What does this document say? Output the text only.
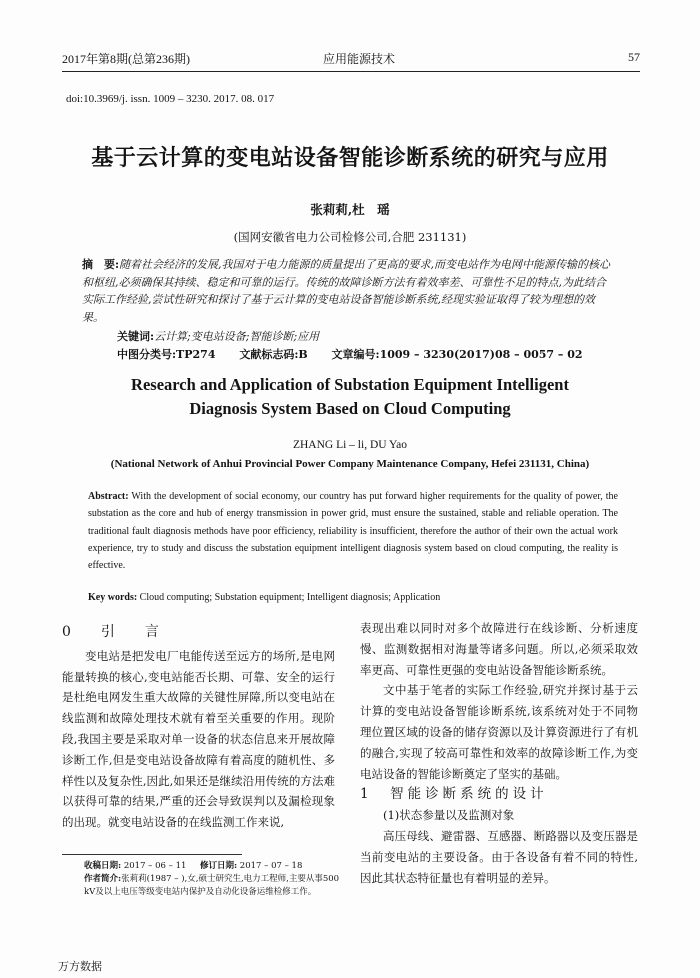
2017年第8期(总第236期)	应用能源技术	57
doi:10.3969/j. issn. 1009 – 3230. 2017. 08. 017
基于云计算的变电站设备智能诊断系统的研究与应用
张莉莉,杜　瑶
(国网安徽省电力公司检修公司,合肥 231131)
摘　要:随着社会经济的发展,我国对于电力能源的质量提出了更高的要求,而变电站作为电网中能源传输的核心和枢纽,必须确保其持续、稳定和可靠的运行。传统的故障诊断方法有着效率差、可靠性不足的特点,为此结合实际工作经验,尝试性研究和探讨了基于云计算的变电站设备智能诊断系统,经现实验证取得了较为理想的效果。
关键词:云计算;变电站设备;智能诊断;应用
中图分类号:TP274 文献标志码:B 文章编号:1009 – 3230(2017)08 – 0057 – 02
Research and Application of Substation Equipment Intelligent
Diagnosis System Based on Cloud Computing
ZHANG Li – li, DU Yao
(National Network of Anhui Provincial Power Company Maintenance Company, Hefei 231131, China)
Abstract: With the development of social economy, our country has put forward higher requirements for the quality of power, the substation as the core and hub of energy transmission in power grid, must ensure the sustained, stable and reliable operation. The traditional fault diagnosis methods have poor efficiency, reliability is insufficient, therefore the author of their own the actual work experience, try to study and discuss the substation equipment intelligent diagnosis system based on cloud computing, the reality is effective.
Key words: Cloud computing; Substation equipment; Intelligent diagnosis; Application
0　引　言

变电站是把发电厂电能传送至远方的场所,是电网能量转换的核心,变电站能否长期、可靠、安全的运行是杜绝电网发生重大故障的关键性屏障,所以变电站在线监测和故障处理技术就有着至关重要的作用。现阶段,我国主要是采取对单一设备的状态信息来开展故障诊断工作,但是变电站设备故障有着高度的随机性、多样性以及复杂性,因此,如果还是继续沿用传统的方法难以获得可靠的结果,严重的还会导致误判以及漏检现象的出现。就变电站设备的在线监测工作来说,

表现出难以同时对多个故障进行在线诊断、分析速度慢、监测数据相对海量等诸多问题。所以,必须采取效率更高、可靠性更强的变电站设备智能诊断系统。

文中基于笔者的实际工作经验,研究并探讨基于云计算的变电站设备智能诊断系统,该系统对处于不同物理位置区域的设备的储存资源以及计算资源进行了有机的融合,实现了较高可靠性和效率的故障诊断工作,为变电站设备的智能诊断奠定了坚实的基础。

1　智能诊断系统的设计
(1)状态参量以及监测对象

高压母线、避雷器、互感器、断路器以及变压器是当前变电站的主要设备。由于各设备有着不同的特性,因此其状态特征量也有着明显的差异。

收稿日期: 2017 – 06 – 11 修订日期: 2017 – 07 – 18
作者简介:张莉莉(1987 – ),女,硕士研究生,电力工程师,主要从事500 kV及以上电压等级变电站内保护及自动化设备运维检修工作。
万方数据
